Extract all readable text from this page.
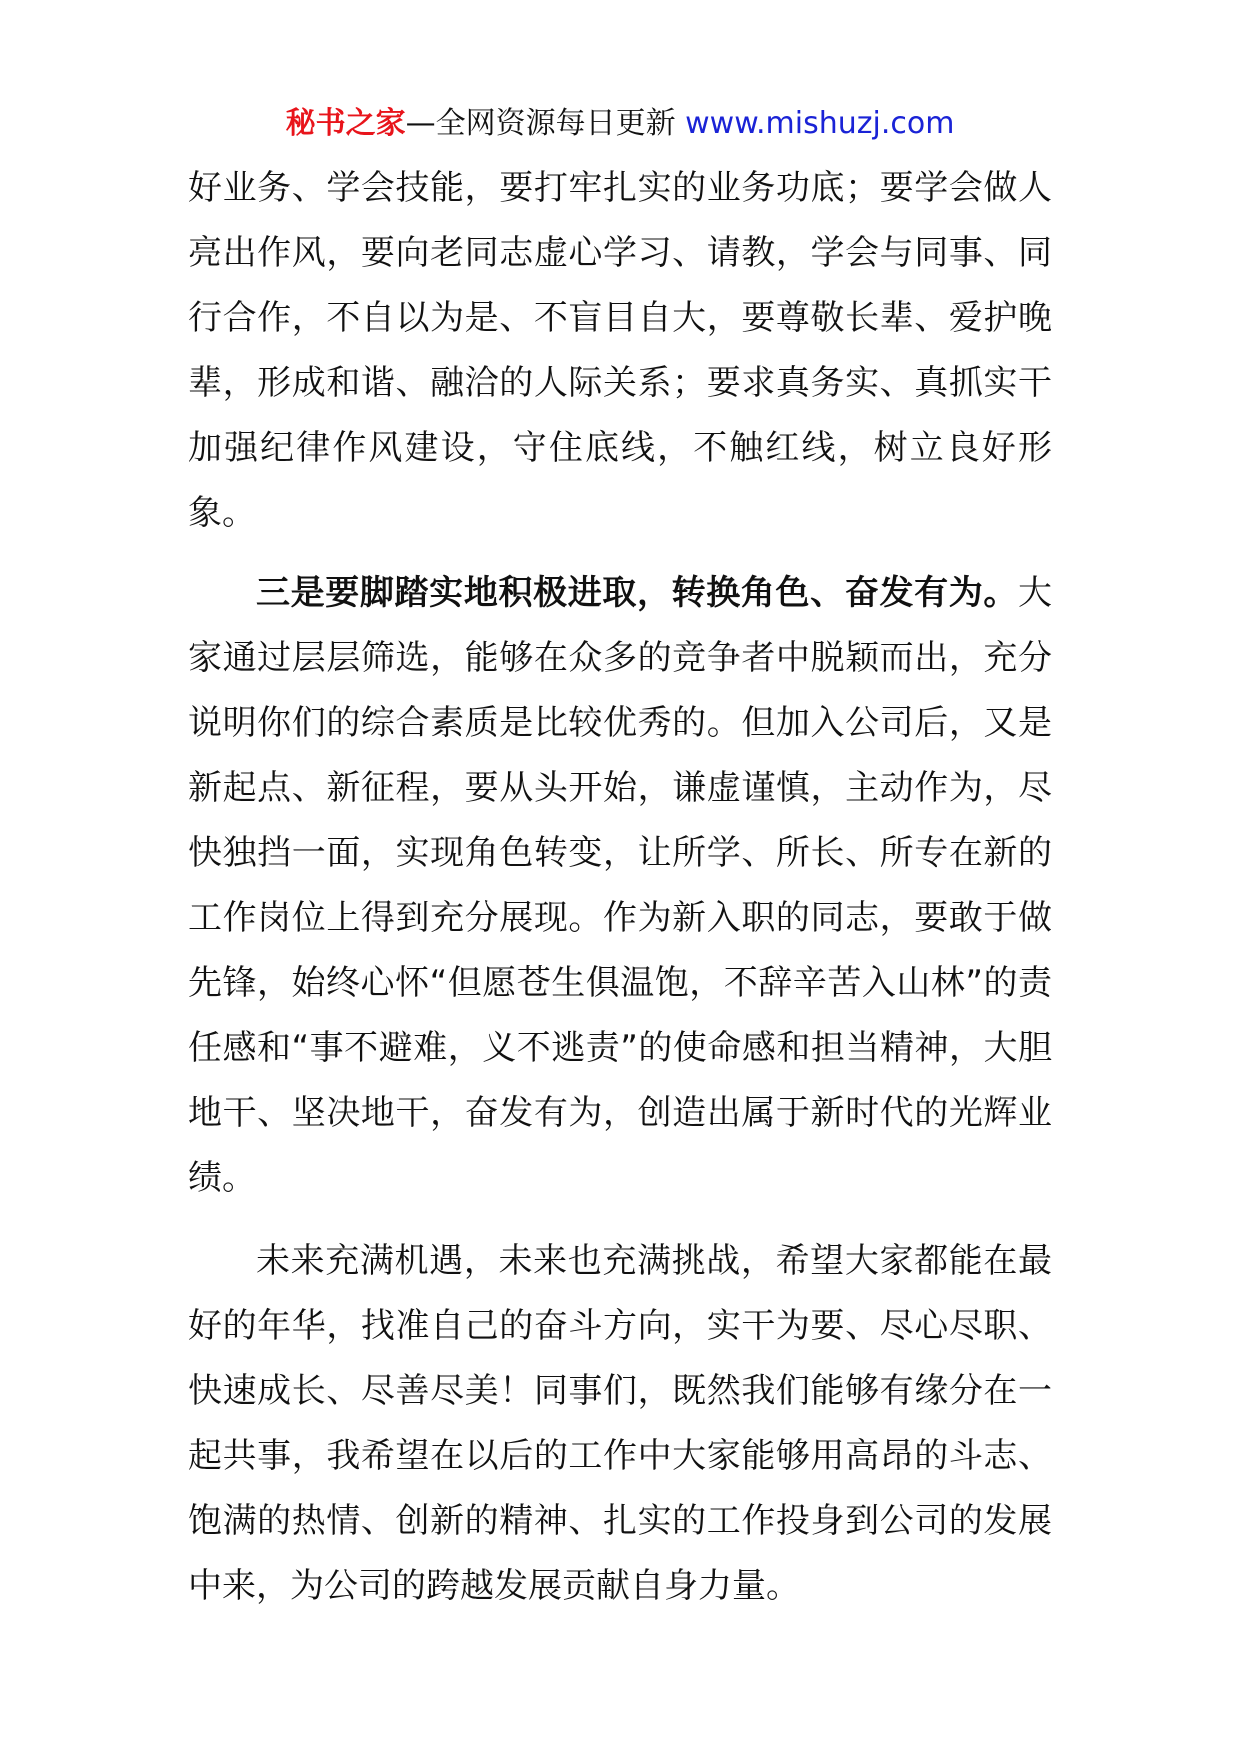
秘书之家—全网资源每日更新 www.mishuzj.com

好业务、学会技能，要打牢扎实的业务功底；要学会做人亮出作风，要向老同志虚心学习、请教，学会与同事、同行合作，不自以为是、不盲目自大，要尊敬长辈、爱护晚辈，形成和谐、融洽的人际关系；要求真务实、真抓实干加强纪律作风建设，守住底线，不触红线，树立良好形象。

三是要脚踏实地积极进取，转换角色、奋发有为。大家通过层层筛选，能够在众多的竞争者中脱颖而出，充分说明你们的综合素质是比较优秀的。但加入公司后，又是新起点、新征程，要从头开始，谦虚谨慎，主动作为，尽快独挡一面，实现角色转变，让所学、所长、所专在新的工作岗位上得到充分展现。作为新入职的同志，要敢于做先锋，始终心怀“但愿苍生俱温饱，不辞辛苦入山林”的责任感和“事不避难，义不逃责”的使命感和担当精神，大胆地干、坚决地干，奋发有为，创造出属于新时代的光辉业绩。

未来充满机遇，未来也充满挑战，希望大家都能在最好的年华，找准自己的奋斗方向，实干为要、尽心尽职、快速成长、尽善尽美！同事们，既然我们能够有缘分在一起共事，我希望在以后的工作中大家能够用高昂的斗志、饱满的热情、创新的精神、扎实的工作投身到公司的发展中来，为公司的跨越发展贡献自身力量。
